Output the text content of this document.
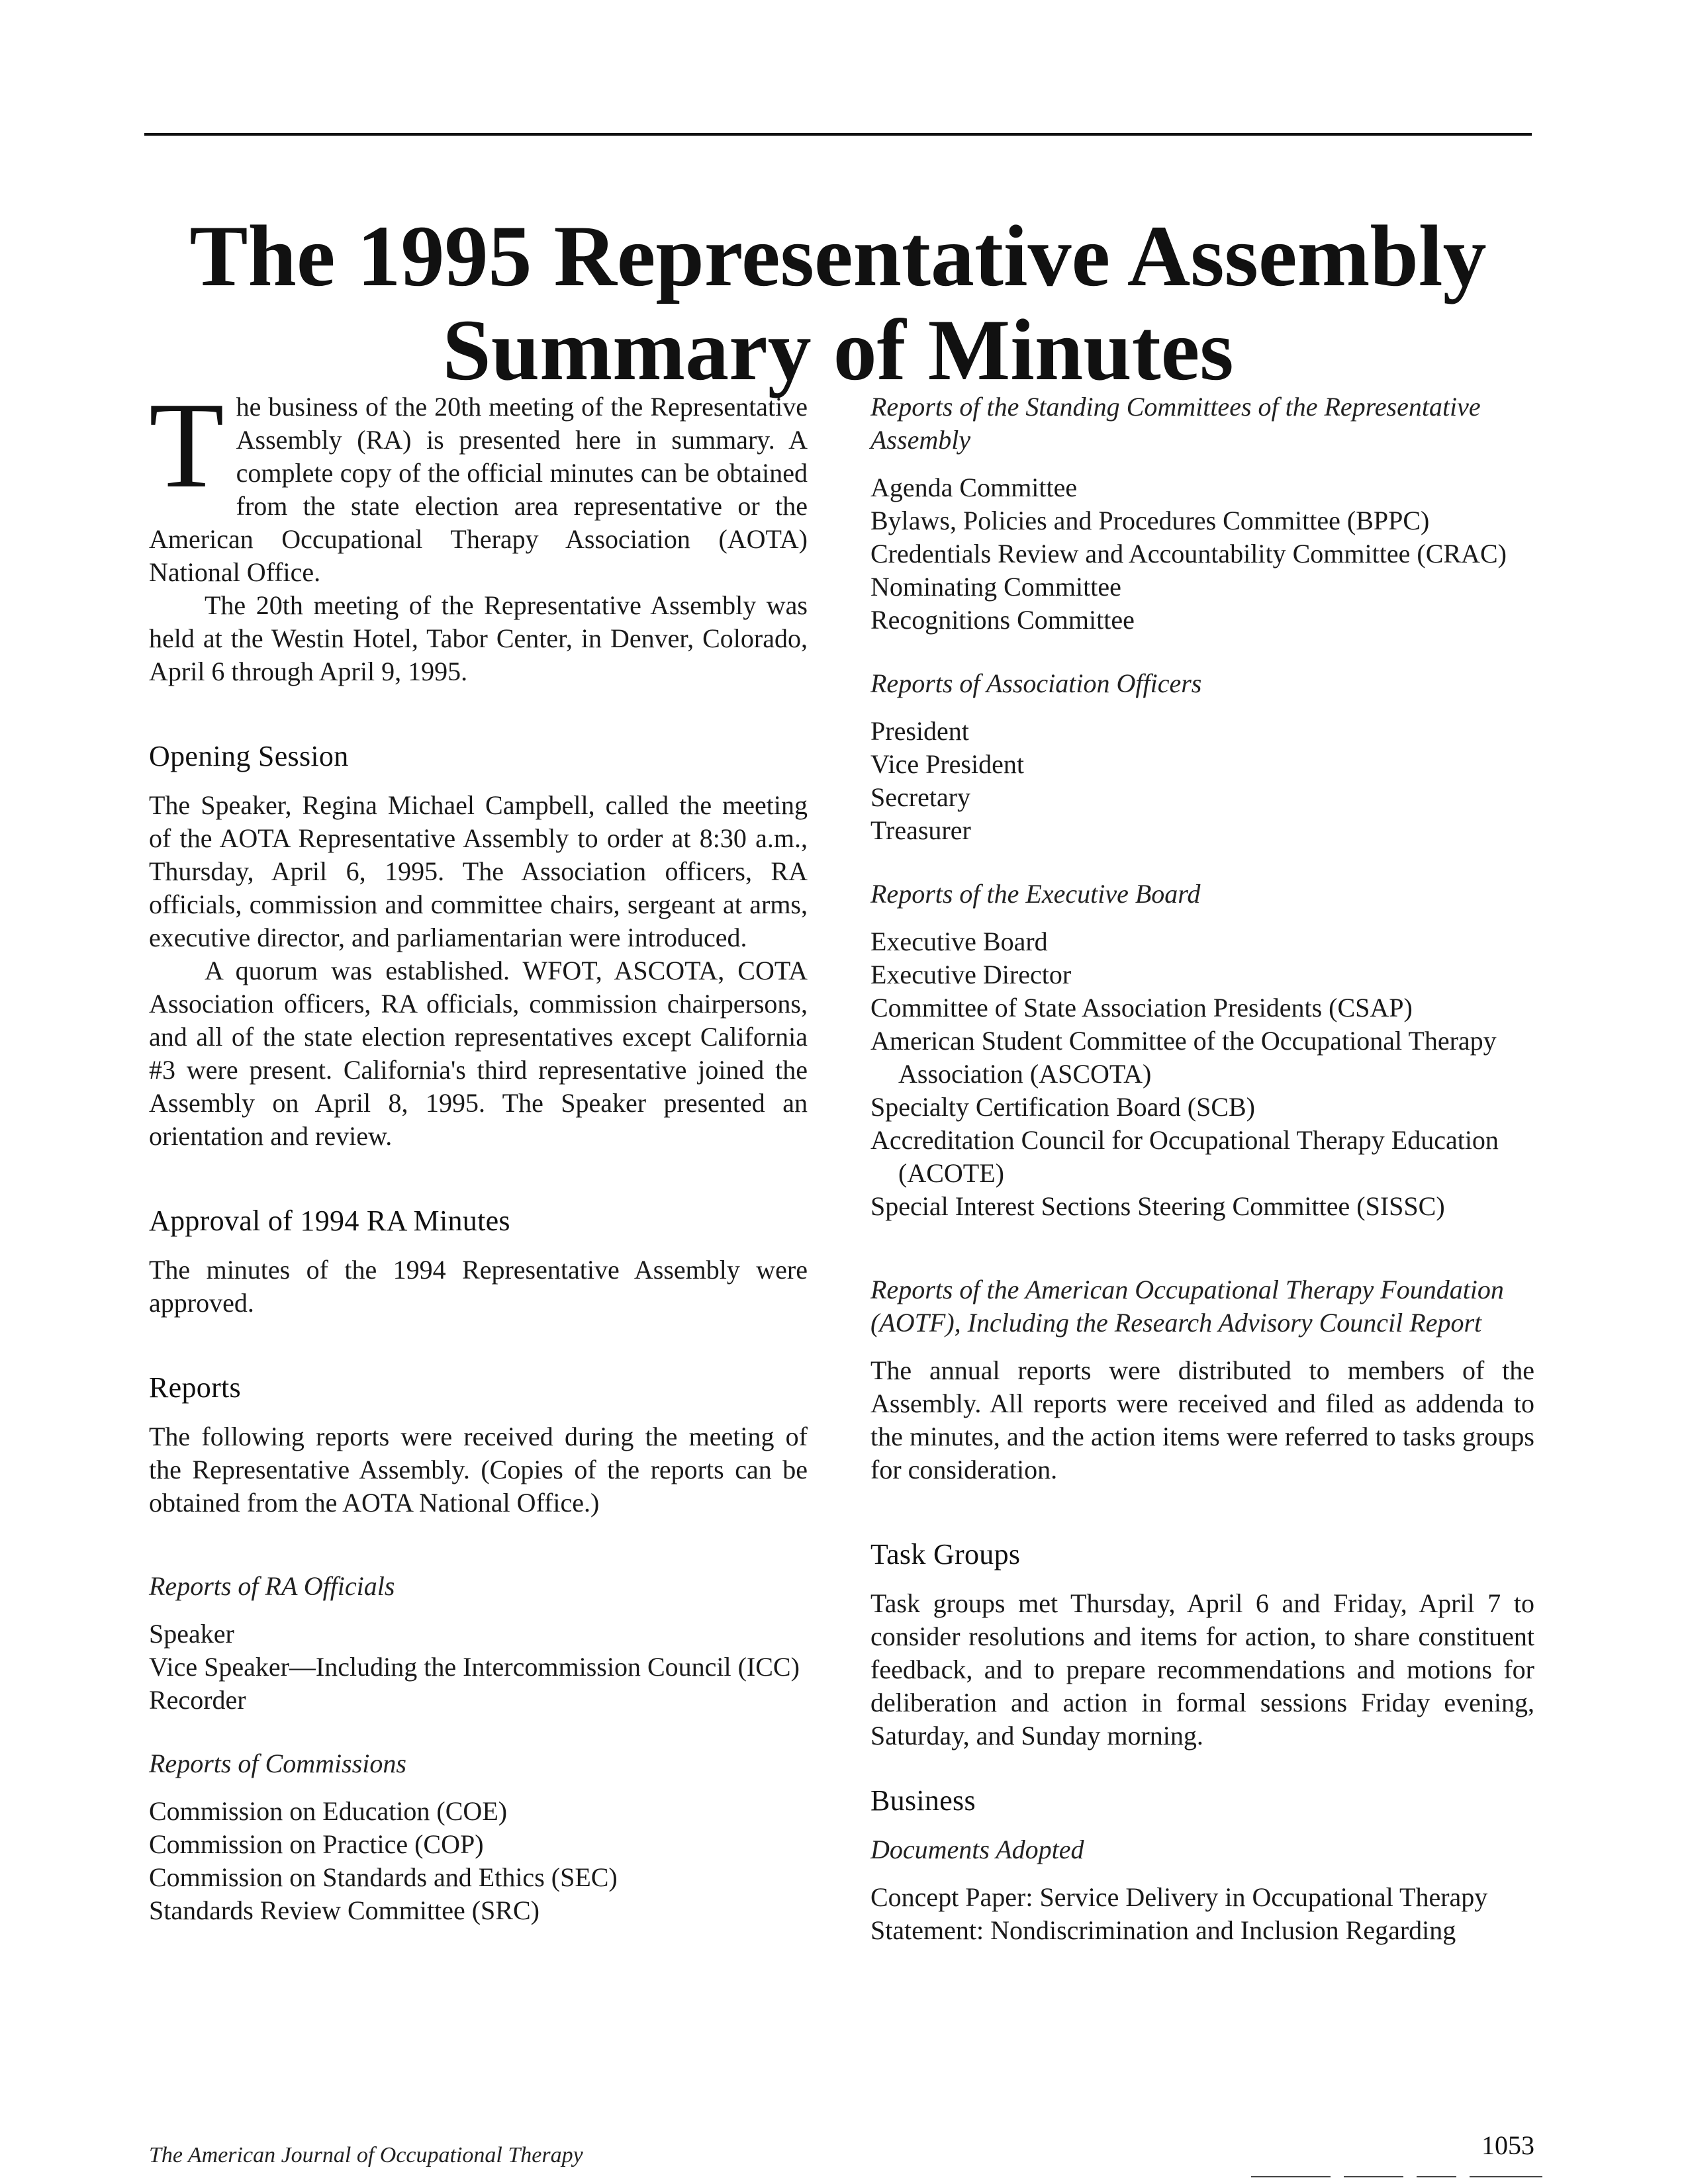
The 1995 Representative Assembly
Summary of Minutes

The business of the 20th meeting of the Representative Assembly (RA) is presented here in summary. A complete copy of the official minutes can be obtained from the state election area representative or the American Occupational Therapy Association (AOTA) National Office.

The 20th meeting of the Representative Assembly was held at the Westin Hotel, Tabor Center, in Denver, Colorado, April 6 through April 9, 1995.

Opening Session

The Speaker, Regina Michael Campbell, called the meeting of the AOTA Representative Assembly to order at 8:30 a.m., Thursday, April 6, 1995. The Association officers, RA officials, commission and committee chairs, sergeant at arms, executive director, and parliamentarian were introduced.

A quorum was established. WFOT, ASCOTA, COTA Association officers, RA officials, commission chairpersons, and all of the state election representatives except California #3 were present. California's third representative joined the Assembly on April 8, 1995. The Speaker presented an orientation and review.

Approval of 1994 RA Minutes

The minutes of the 1994 Representative Assembly were approved.

Reports

The following reports were received during the meeting of the Representative Assembly. (Copies of the reports can be obtained from the AOTA National Office.)

Reports of RA Officials
Speaker
Vice Speaker—Including the Intercommission Council (ICC)
Recorder
Reports of Commissions
Commission on Education (COE)
Commission on Practice (COP)
Commission on Standards and Ethics (SEC)
Standards Review Committee (SRC)
Reports of the Standing Committees of the Representative Assembly
Agenda Committee
Bylaws, Policies and Procedures Committee (BPPC)
Credentials Review and Accountability Committee (CRAC)
Nominating Committee
Recognitions Committee
Reports of Association Officers
President
Vice President
Secretary
Treasurer
Reports of the Executive Board
Executive Board
Executive Director
Committee of State Association Presidents (CSAP)
American Student Committee of the Occupational Therapy Association (ASCOTA)
Specialty Certification Board (SCB)
Accreditation Council for Occupational Therapy Education (ACOTE)
Special Interest Sections Steering Committee (SISSC)
Reports of the American Occupational Therapy Foundation (AOTF), Including the Research Advisory Council Report

The annual reports were distributed to members of the Assembly. All reports were received and filed as addenda to the minutes, and the action items were referred to tasks groups for consideration.

Task Groups

Task groups met Thursday, April 6 and Friday, April 7 to consider resolutions and items for action, to share constituent feedback, and to prepare recommendations and motions for deliberation and action in formal sessions Friday evening, Saturday, and Sunday morning.

Business
Documents Adopted
Concept Paper: Service Delivery in Occupational Therapy
Statement: Nondiscrimination and Inclusion Regarding
The American Journal of Occupational Therapy	1053
